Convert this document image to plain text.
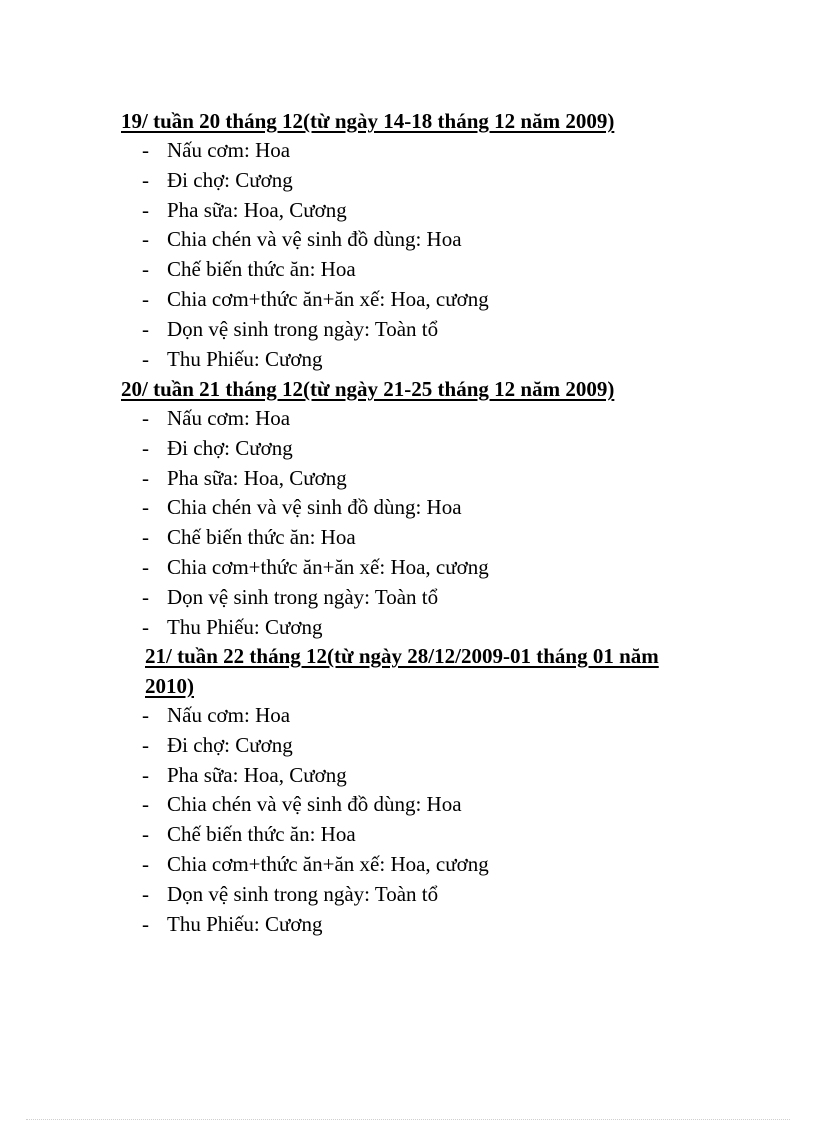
19/ tuần 20 tháng 12(từ ngày 14-18 tháng 12 năm 2009)
- Nấu cơm: Hoa
- Đi chợ: Cương
- Pha sữa: Hoa, Cương
- Chia chén và vệ sinh đồ dùng: Hoa
- Chế biến thức ăn: Hoa
- Chia cơm+thức ăn+ăn xế: Hoa, cương
- Dọn vệ sinh trong ngày: Toàn tổ
- Thu Phiếu: Cương
20/ tuần 21 tháng 12(từ ngày 21-25 tháng 12 năm 2009)
- Nấu cơm: Hoa
- Đi chợ: Cương
- Pha sữa: Hoa, Cương
- Chia chén và vệ sinh đồ dùng: Hoa
- Chế biến thức ăn: Hoa
- Chia cơm+thức ăn+ăn xế: Hoa, cương
- Dọn vệ sinh trong ngày: Toàn tổ
- Thu Phiếu: Cương
21/ tuần 22 tháng 12(từ ngày 28/12/2009-01 tháng 01 năm 2010)
- Nấu cơm: Hoa
- Đi chợ: Cương
- Pha sữa: Hoa, Cương
- Chia chén và vệ sinh đồ dùng: Hoa
- Chế biến thức ăn: Hoa
- Chia cơm+thức ăn+ăn xế: Hoa, cương
- Dọn vệ sinh trong ngày: Toàn tổ
- Thu Phiếu: Cương
